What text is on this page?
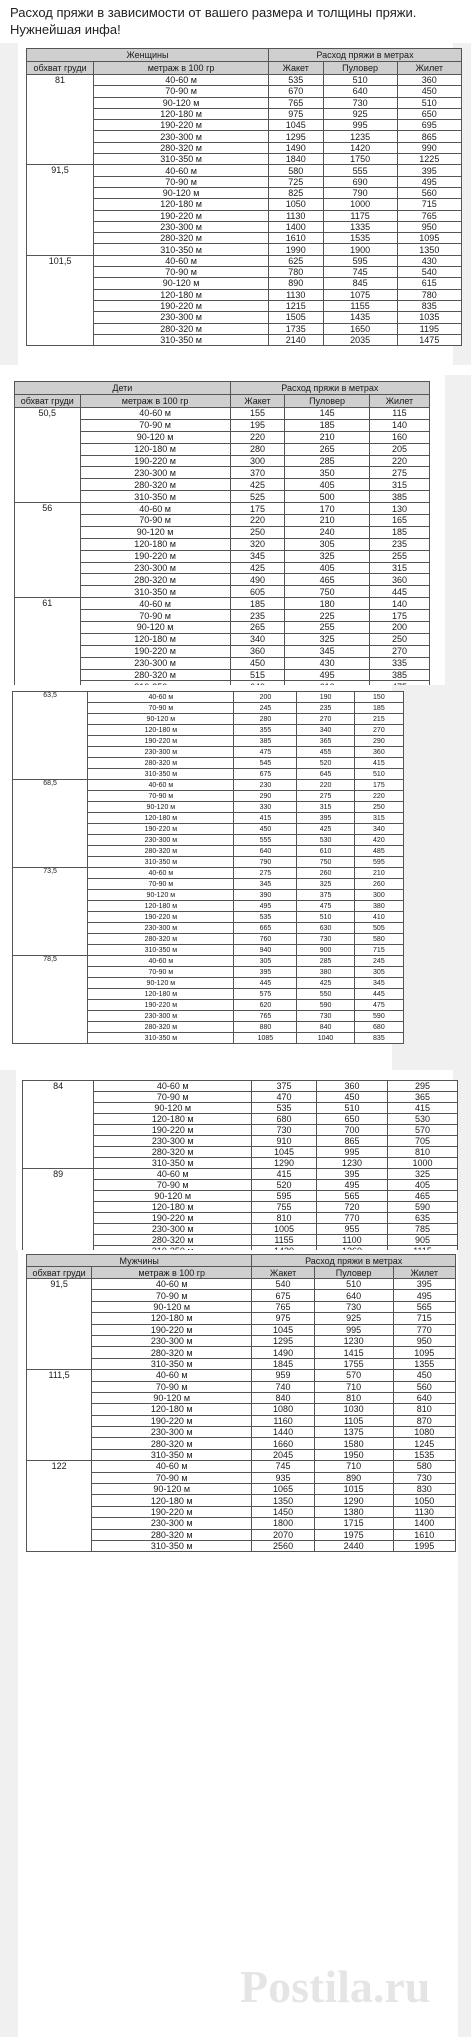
Расход пряжи в зависимости от вашего размера и толщины пряжи. Нужнейшая инфа!
Женщины		Расход пряжи в метрах		
обхват груди	метраж в 100 гр	Жакет	Пуловер	Жилет
81	40-60 м	535	510	360
	70-90 м	670	640	450
	90-120 м	765	730	510
	120-180 м	975	925	650
	190-220 м	1045	995	695
	230-300 м	1295	1235	865
	280-320 м	1490	1420	990
	310-350 м	1840	1750	1225
91,5	40-60 м	580	555	395
	70-90 м	725	690	495
	90-120 м	825	790	560
	120-180 м	1050	1000	715
	190-220 м	1130	1175	765
	230-300 м	1400	1335	950
	280-320 м	1610	1535	1095
	310-350 м	1990	1900	1350
101,5	40-60 м	625	595	430
	70-90 м	780	745	540
	90-120 м	890	845	615
	120-180 м	1130	1075	780
	190-220 м	1215	1155	835
	230-300 м	1505	1435	1035
	280-320 м	1735	1650	1195
	310-350 м	2140	2035	1475
Дети		Расход пряжи в метрах		
обхват груди	метраж в 100 гр	Жакет	Пуловер	Жилет
50,5	40-60 м	155	145	115
	70-90 м	195	185	140
	90-120 м	220	210	160
	120-180 м	280	265	205
	190-220 м	300	285	220
	230-300 м	370	350	275
	280-320 м	425	405	315
	310-350 м	525	500	385
56	40-60 м	175	170	130
	70-90 м	220	210	165
	90-120 м	250	240	185
	120-180 м	320	305	235
	190-220 м	345	325	255
	230-300 м	425	405	315
	280-320 м	490	465	360
	310-350 м	605	750	445
61	40-60 м	185	180	140
	70-90 м	235	225	175
	90-120 м	265	255	200
	120-180 м	340	325	250
	190-220 м	360	345	270
	230-300 м	450	430	335
	280-320 м	515	495	385

63,5	40-60 м	200	190	150
	70-90 м	245	235	185
	90-120 м	280	270	215
	120-180 м	355	340	270
	190-220 м	385	365	290
	230-300 м	475	455	360
	280-320 м	545	520	415
	310-350 м	675	645	510
68,5	40-60 м	230	220	175
	70-90 м	290	275	220
	90-120 м	330	315	250
	120-180 м	415	395	315
	190-220 м	450	425	340
	230-300 м	555	530	420
	280-320 м	640	610	485
	310-350 м	790	750	595
73,5	40-60 м	275	260	210
	70-90 м	345	325	260
	90-120 м	390	375	300
	120-180 м	495	475	380
	190-220 м	535	510	410
	230-300 м	665	630	505
	280-320 м	760	730	580
	310-350 м	940	900	715
78,5	40-60 м	305	285	245
	70-90 м	395	380	305
	90-120 м	445	425	345
	120-180 м	575	550	445
	190-220 м	620	590	475
	230-300 м	765	730	590
	280-320 м	880	840	680
	310-350 м	1085	1040	835
84	40-60 м	375	360	295
	70-90 м	470	450	365
	90-120 м	535	510	415
	120-180 м	680	650	530
	190-220 м	730	700	570
	230-300 м	910	865	705
	280-320 м	1045	995	810
	310-350 м	1290	1230	1000
89	40-60 м	415	395	325
	70-90 м	520	495	405
	90-120 м	595	565	465
	120-180 м	755	720	590
	190-220 м	810	770	635
	230-300 м	1005	955	785
	280-320 м	1155	1100	905

Мужчины		Расход пряжи в метрах		
обхват груди	метраж в 100 гр	Жакет	Пуловер	Жилет
91,5	40-60 м	540	510	395
	70-90 м	675	640	495
	90-120 м	765	730	565
	120-180 м	975	925	715
	190-220 м	1045	995	770
	230-300 м	1295	1230	950
	280-320 м	1490	1415	1095
	310-350 м	1845	1755	1355
111,5	40-60 м	959	570	450
	70-90 м	740	710	560
	90-120 м	840	810	640
	120-180 м	1080	1030	810
	190-220 м	1160	1105	870
	230-300 м	1440	1375	1080
	280-320 м	1660	1580	1245
	310-350 м	2045	1950	1535
122	40-60 м	745	710	580
	70-90 м	935	890	730
	90-120 м	1065	1015	830
	120-180 м	1350	1290	1050
	190-220 м	1450	1380	1130
	230-300 м	1800	1715	1400
	280-320 м	2070	1975	1610
	310-350 м	2560	2440	1995
Postila.ru
